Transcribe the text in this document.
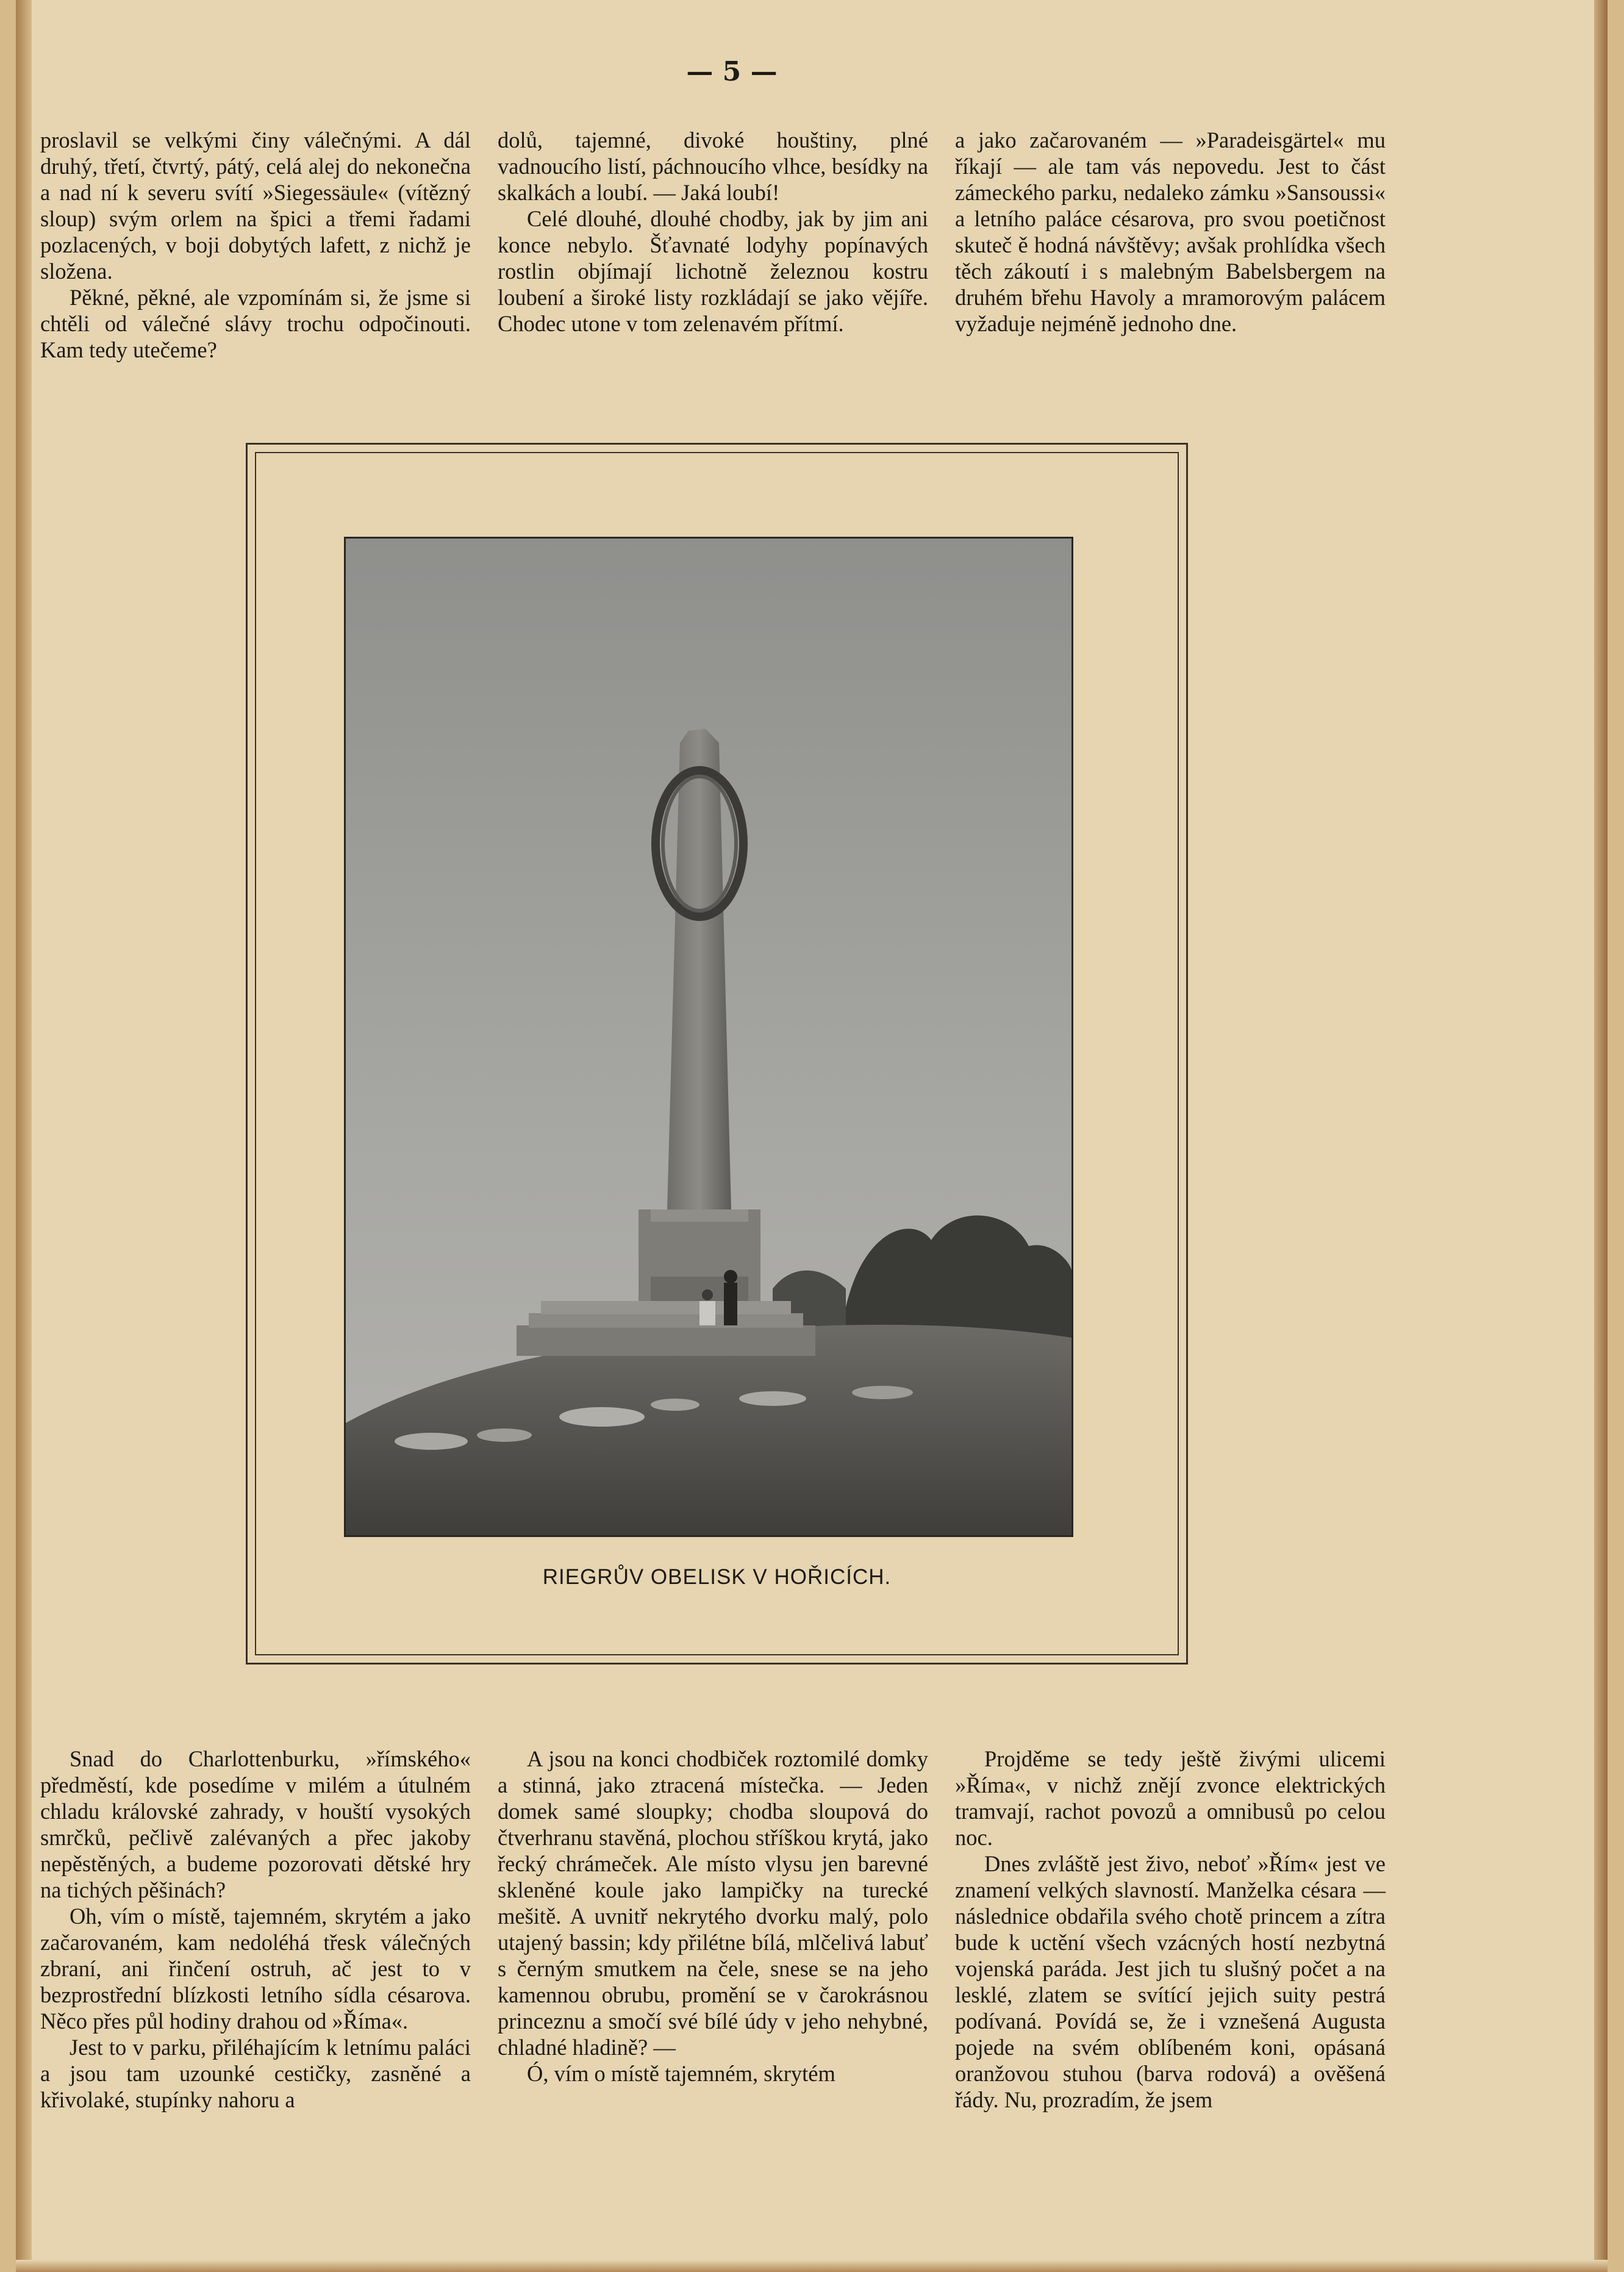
— 5 —

proslavil se velkými činy válečnými. A dál druhý, třetí, čtvrtý, pátý, celá alej do nekonečna a nad ní k severu svítí »Siegessäule« (vítězný sloup) svým orlem na špici a třemi řadami pozlacených, v boji dobytých lafett, z nichž je složena.

Pěkné, pěkné, ale vzpomínám si, že jsme si chtěli od válečné slávy trochu odpočinouti. Kam tedy utečeme?

dolů, tajemné, divoké houštiny, plné vadnoucího listí, páchnoucího vlhce, besídky na skalkách a loubí. — Jaká loubí!

Celé dlouhé, dlouhé chodby, jak by jim ani konce nebylo. Šťavnaté lodyhy popínavých rostlin objímají lichotně železnou kostru loubení a široké listy rozkládají se jako vějíře. Chodec utone v tom zelenavém přítmí.

a jako začarovaném — »Paradeisgärtel« mu říkají — ale tam vás nepovedu. Jest to část zámeckého parku, nedaleko zámku »Sansoussi« a letního paláce césarova, pro svou poetičnost skuteč ě hodná návštěvy; avšak prohlídka všech těch zákoutí i s malebným Babelsbergem na druhém břehu Havoly a mramorovým palácem vyžaduje nejméně jednoho dne.

RIEGRŮV OBELISK V HOŘICÍCH.

Snad do Charlottenburku, »římského« předměstí, kde posedíme v milém a útulném chladu královské zahrady, v houští vysokých smrčků, pečlivě zalévaných a přec jakoby nepěstěných, a budeme pozorovati dětské hry na tichých pěšinách?

Oh, vím o místě, tajemném, skrytém a jako začarovaném, kam nedoléhá třesk válečných zbraní, ani řinčení ostruh, ač jest to v bezprostřední blízkosti letního sídla césarova. Něco přes půl hodiny drahou od »Říma«.

Jest to v parku, přiléhajícím k letnímu paláci a jsou tam uzounké cestičky, zasněné a křivolaké, stupínky nahoru a

A jsou na konci chodbiček roztomilé domky a stinná, jako ztracená místečka. — Jeden domek samé sloupky; chodba sloupová do čtverhranu stavěná, plochou stříškou krytá, jako řecký chrámeček. Ale místo vlysu jen barevné skleněné koule jako lampičky na turecké mešitě. A uvnitř nekrytého dvorku malý, polo utajený bassin; kdy přilétne bílá, mlčelivá labuť s černým smutkem na čele, snese se na jeho kamennou obrubu, promění se v čarokrásnou princeznu a smočí své bílé údy v jeho nehybné, chladné hladině? —

Ó, vím o místě tajemném, skrytém

Projděme se tedy ještě živými ulicemi »Říma«, v nichž znějí zvonce elektrických tramvají, rachot povozů a omnibusů po celou noc.

Dnes zvláště jest živo, neboť »Řím« jest ve znamení velkých slavností. Manželka césara — následnice obdařila svého chotě princem a zítra bude k uctění všech vzácných hostí nezbytná vojenská paráda. Jest jich tu slušný počet a na lesklé, zlatem se svítící jejich suity pestrá podívaná. Povídá se, že i vznešená Augusta pojede na svém oblíbeném koni, opásaná oranžovou stuhou (barva rodová) a ověšená řády. Nu, prozradím, že jsem
